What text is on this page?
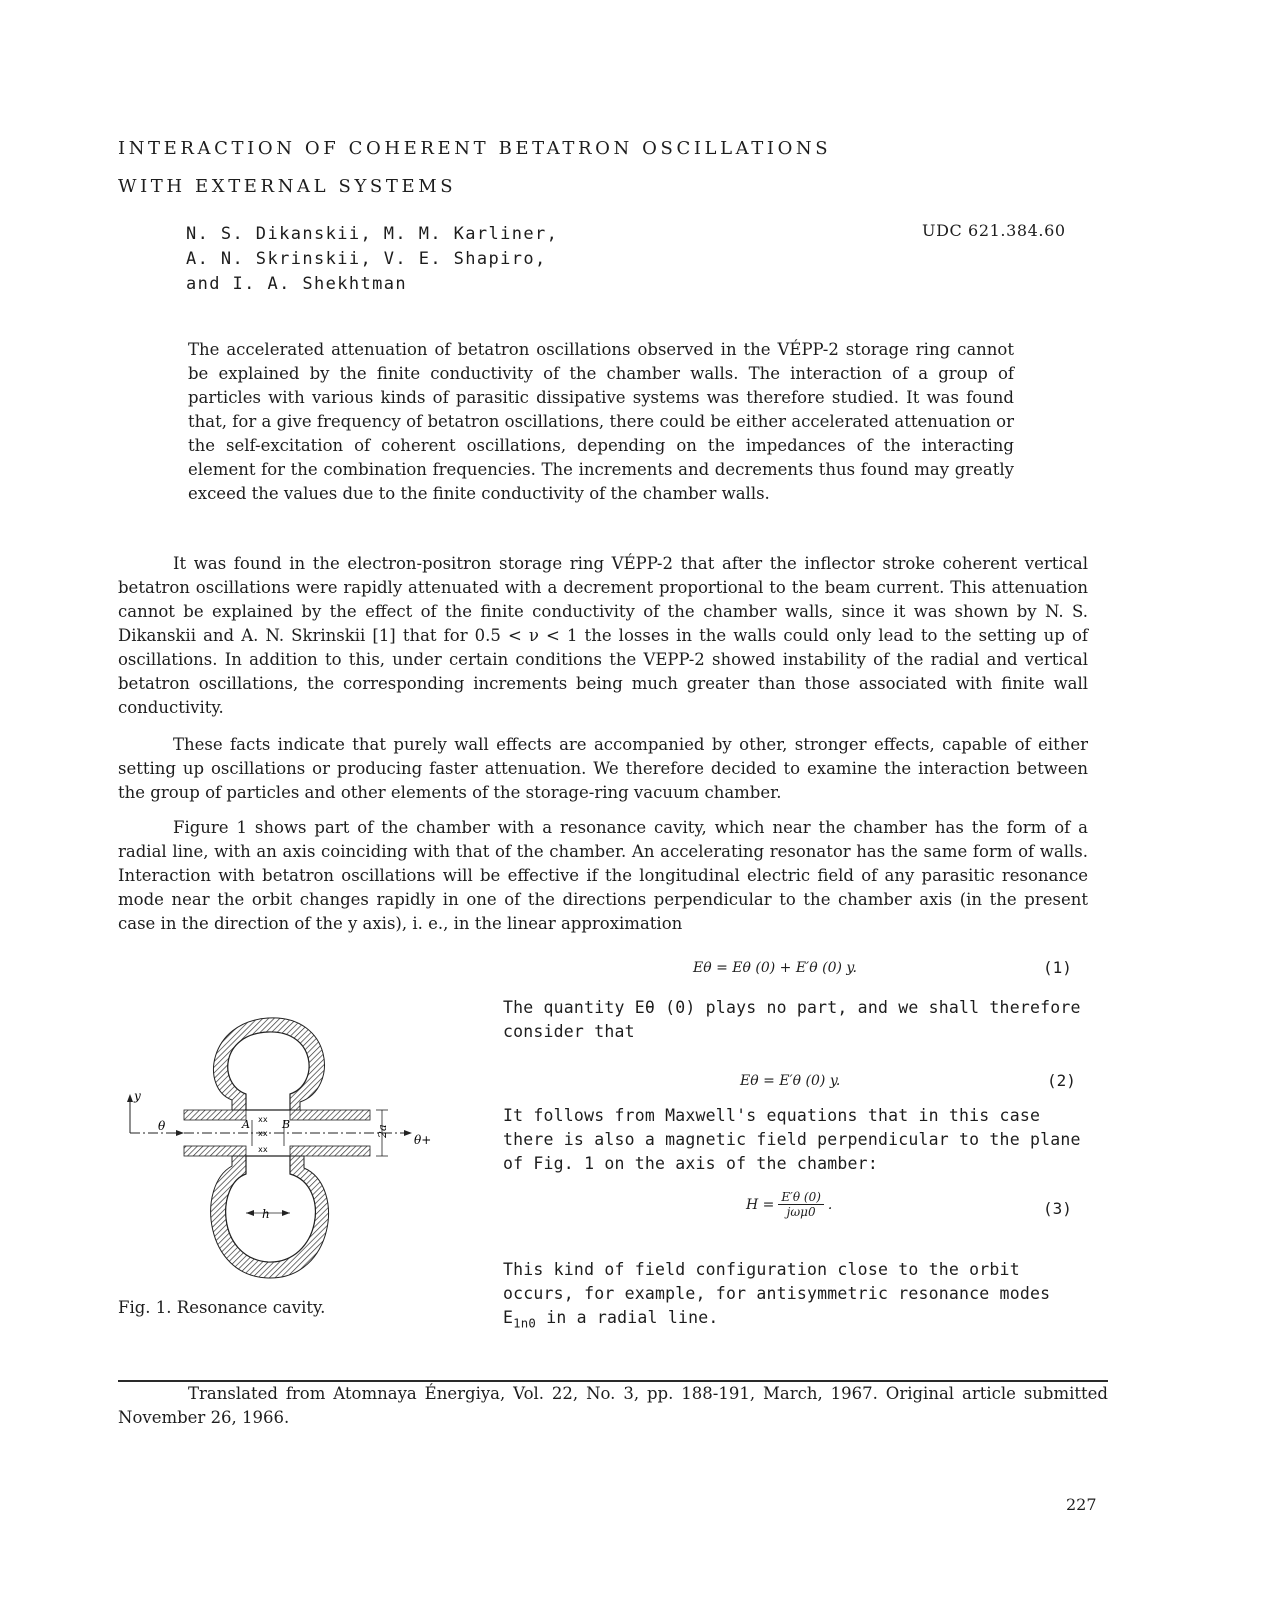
INTERACTION OF COHERENT BETATRON OSCILLATIONS
WITH EXTERNAL SYSTEMS
N. S. Dikanskii, M. M. Karliner,
A. N. Skrinskii, V. E. Shapiro,
and I. A. Shekhtman
UDC 621.384.60
The accelerated attenuation of betatron oscillations observed in the VÉPP-2 storage ring cannot be explained by the finite conductivity of the chamber walls. The interaction of a group of particles with various kinds of parasitic dissipative systems was therefore studied. It was found that, for a give frequency of betatron oscillations, there could be either accelerated attenuation or the self-excitation of coherent oscillations, depending on the impedances of the interacting element for the combination frequencies. The increments and decrements thus found may greatly exceed the values due to the finite conductivity of the chamber walls.
It was found in the electron-positron storage ring VÉPP-2 that after the inflector stroke coherent vertical betatron oscillations were rapidly attenuated with a decrement proportional to the beam current. This attenuation cannot be explained by the effect of the finite conductivity of the chamber walls, since it was shown by N. S. Dikanskii and A. N. Skrinskii [1] that for 0.5 < ν < 1 the losses in the walls could only lead to the setting up of oscillations. In addition to this, under certain conditions the VEPP-2 showed instability of the radial and vertical betatron oscillations, the corresponding increments being much greater than those associated with finite wall conductivity.
These facts indicate that purely wall effects are accompanied by other, stronger effects, capable of either setting up oscillations or producing faster attenuation. We therefore decided to examine the interaction between the group of particles and other elements of the storage-ring vacuum chamber.
Figure 1 shows part of the chamber with a resonance cavity, which near the chamber has the form of a radial line, with an axis coinciding with that of the chamber. An accelerating resonator has the same form of walls. Interaction with betatron oscillations will be effective if the longitudinal electric field of any parasitic resonance mode near the orbit changes rapidly in one of the directions perpendicular to the chamber axis (in the present case in the direction of the y axis), i. e., in the linear approximation
Eθ = Eθ (0) + E′θ (0) y.	(1)
The quantity Eθ (0) plays no part, and we shall therefore consider that
Eθ = E′θ (0) y.	(2)
It follows from Maxwell's equations that in this case there is also a magnetic field perpendicular to the plane of Fig. 1 on the axis of the chamber:
H = E′θ (0)
jωμ0 .	(3)
This kind of field configuration close to the orbit occurs, for example, for antisymmetric resonance modes $E_{1n0}$ in a radial line.
y
θ
θ+
A	B
xx
xx
xx
2a
h
Fig. 1. Resonance cavity.
Translated from Atomnaya Énergiya, Vol. 22, No. 3, pp. 188-191, March, 1967. Original article submitted November 26, 1966.
227
